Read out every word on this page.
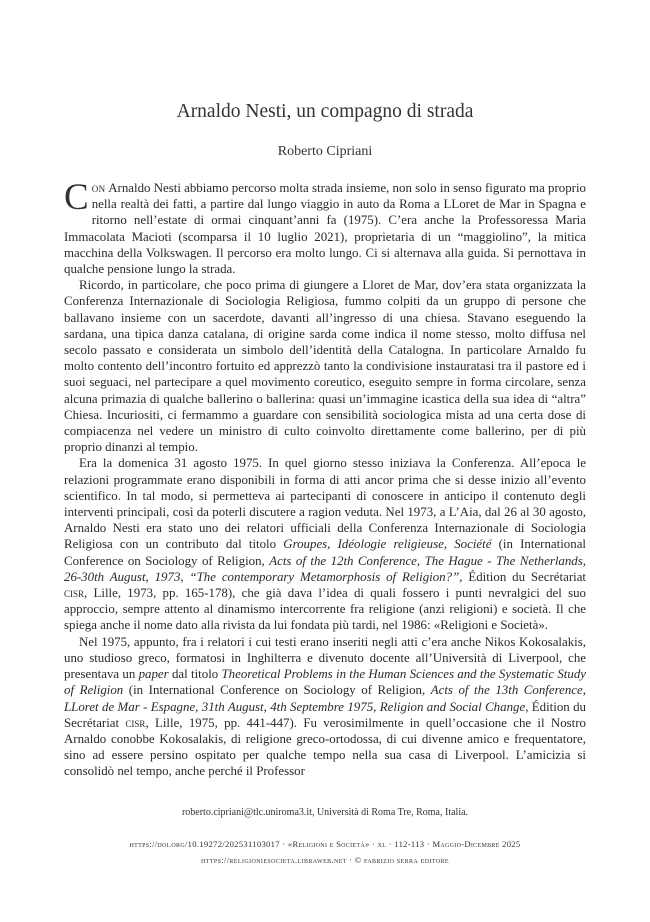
Arnaldo Nesti, un compagno di strada
Roberto Cipriani

Con Arnaldo Nesti abbiamo percorso molta strada insieme, non solo in senso figurato ma proprio nella realtà dei fatti, a partire dal lungo viaggio in auto da Roma a LLoret de Mar in Spagna e ritorno nell’estate di ormai cinquant’anni fa (1975). C’era anche la Professoressa Maria Immacolata Macioti (scomparsa il 10 luglio 2021), proprietaria di un “maggiolino”, la mitica macchina della Volkswagen. Il percorso era molto lungo. Ci si alternava alla guida. Si pernottava in qualche pensione lungo la strada.

Ricordo, in particolare, che poco prima di giungere a Lloret de Mar, dov’era stata organizzata la Conferenza Internazionale di Sociologia Religiosa, fummo colpiti da un gruppo di persone che ballavano insieme con un sacerdote, davanti all’ingresso di una chiesa. Stavano eseguendo la sardana, una tipica danza catalana, di origine sarda come indica il nome stesso, molto diffusa nel secolo passato e considerata un simbolo dell’identità della Catalogna. In particolare Arnaldo fu molto contento dell’incontro fortuito ed apprezzò tanto la condivisione instauratasi tra il pastore ed i suoi seguaci, nel partecipare a quel movimento coreutico, eseguito sempre in forma circolare, senza alcuna primazia di qualche ballerino o ballerina: quasi un’immagine icastica della sua idea di “altra” Chiesa. Incuriositi, ci fermammo a guardare con sensibilità sociologica mista ad una certa dose di compiacenza nel vedere un ministro di culto coinvolto direttamente come ballerino, per di più proprio dinanzi al tempio.

Era la domenica 31 agosto 1975. In quel giorno stesso iniziava la Conferenza. All’epoca le relazioni programmate erano disponibili in forma di atti ancor prima che si desse inizio all’evento scientifico. In tal modo, si permetteva ai partecipanti di conoscere in anticipo il contenuto degli interventi principali, così da poterli discutere a ragion veduta. Nel 1973, a L’Aia, dal 26 al 30 agosto, Arnaldo Nesti era stato uno dei relatori ufficiali della Conferenza Internazionale di Sociologia Religiosa con un contributo dal titolo Groupes, Idéologie religieuse, Société (in International Conference on Sociology of Religion, Acts of the 12th Conference, The Hague - The Netherlands, 26-30th August, 1973, “The contemporary Metamorphosis of Religion?”, Édition du Secrétariat cisr, Lille, 1973, pp. 165-178), che già dava l’idea di quali fossero i punti nevralgici del suo approccio, sempre attento al dinamismo intercorrente fra religione (anzi religioni) e società. Il che spiega anche il nome dato alla rivista da lui fondata più tardi, nel 1986: «Religioni e Società».

Nel 1975, appunto, fra i relatori i cui testi erano inseriti negli atti c’era anche Nikos Kokosalakis, uno studioso greco, formatosi in Inghilterra e divenuto docente all’Università di Liverpool, che presentava un paper dal titolo Theoretical Problems in the Human Sciences and the Systematic Study of Religion (in International Conference on Sociology of Religion, Acts of the 13th Conference, LLoret de Mar - Espagne, 31th August, 4th Septembre 1975, Religion and Social Change, Édition du Secrétariat cisr, Lille, 1975, pp. 441-447). Fu verosimilmente in quell’occasione che il Nostro Arnaldo conobbe Kokosalakis, di religione greco-ortodossa, di cui divenne amico e frequentatore, sino ad essere persino ospitato per qualche tempo nella sua casa di Liverpool. L’amicizia si consolidò nel tempo, anche perché il Professor

roberto.cipriani@tlc.uniroma3.it, Università di Roma Tre, Roma, Italia.
https://doi.org/10.19272/202531103017 · «Religioni e Società» · xl · 112-113 · Maggio-Dicembre 2025
https://religioniesocieta.libraweb.net · © fabrizio serra editore
